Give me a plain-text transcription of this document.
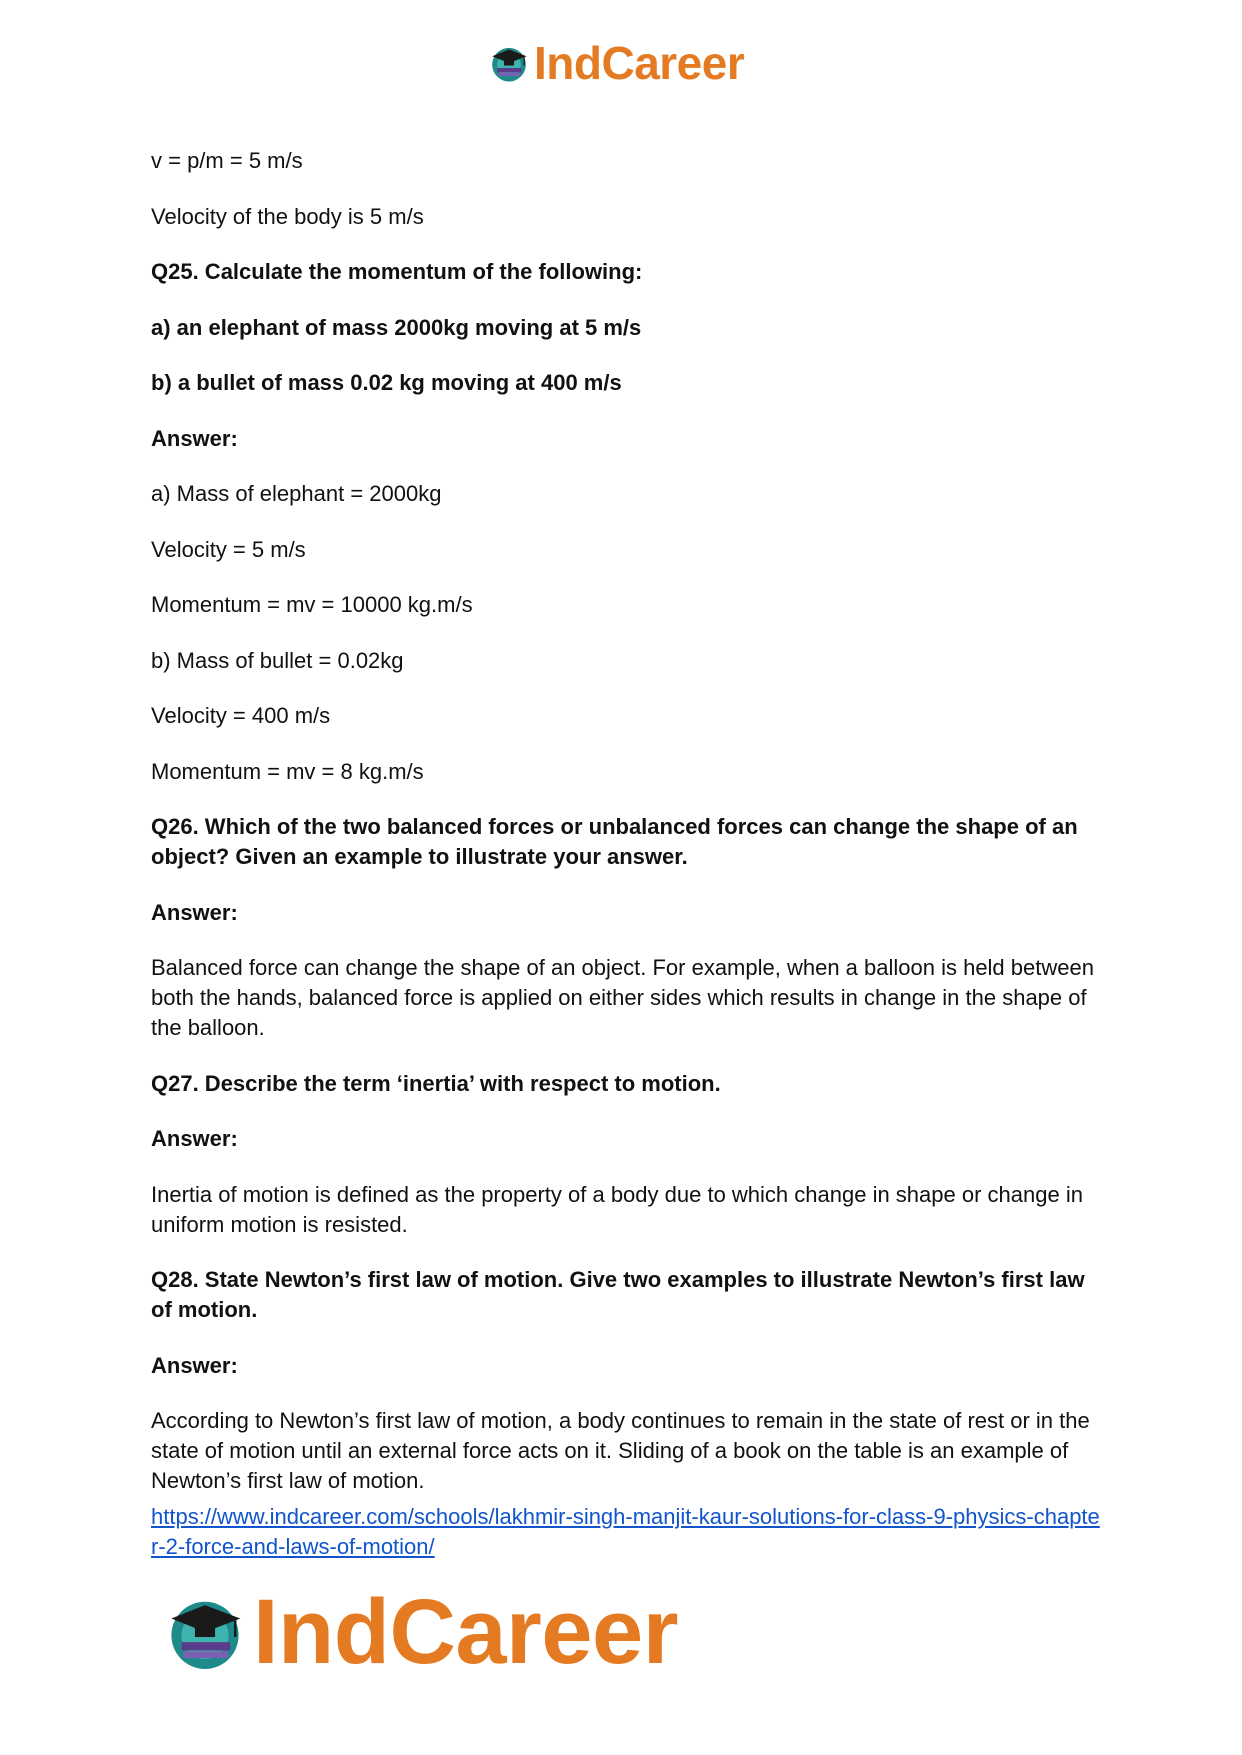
IndCareer

v = p/m = 5 m/s

Velocity of the body is 5 m/s

Q25. Calculate the momentum of the following:

a) an elephant of mass 2000kg moving at 5 m/s

b) a bullet of mass 0.02 kg moving at 400 m/s

Answer:

a) Mass of elephant = 2000kg

Velocity = 5 m/s

Momentum = mv = 10000 kg.m/s

b) Mass of bullet = 0.02kg

Velocity = 400 m/s

Momentum = mv = 8 kg.m/s

Q26. Which of the two balanced forces or unbalanced forces can change the shape of an object? Given an example to illustrate your answer.

Answer:

Balanced force can change the shape of an object. For example, when a balloon is held between both the hands, balanced force is applied on either sides which results in change in the shape of the balloon.

Q27. Describe the term ‘inertia’ with respect to motion.

Answer:

Inertia of motion is defined as the property of a body due to which change in shape or change in uniform motion is resisted.

Q28. State Newton’s first law of motion. Give two examples to illustrate Newton’s first law of motion.

Answer:

According to Newton’s first law of motion, a body continues to remain in the state of rest or in the state of motion until an external force acts on it. Sliding of a book on the table is an example of Newton’s first law of motion.

https://www.indcareer.com/schools/lakhmir-singh-manjit-kaur-solutions-for-class-9-physics-chapter-2-force-and-laws-of-motion/
IndCareer
